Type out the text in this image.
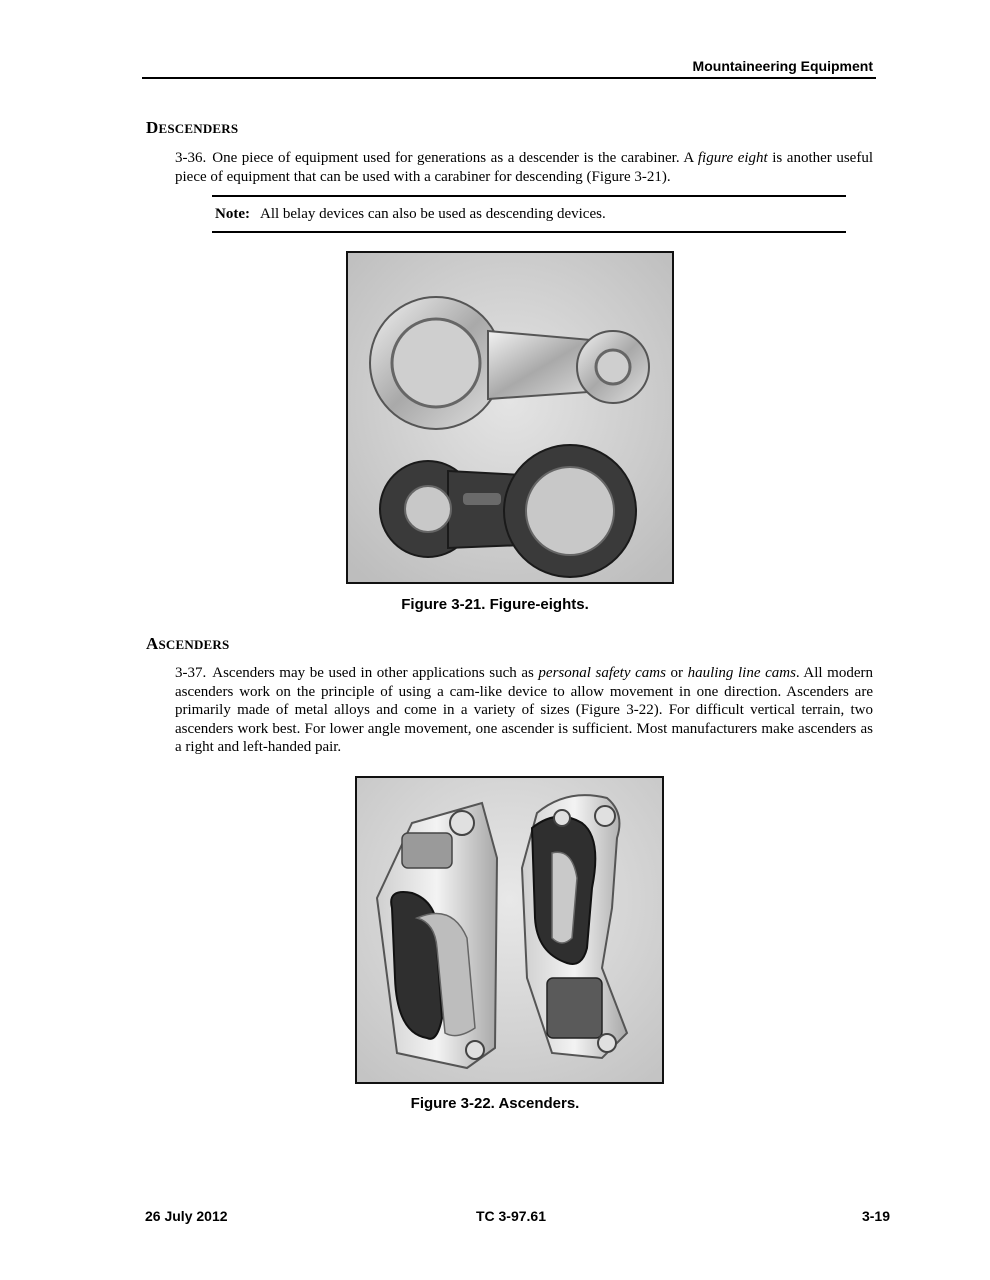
Mountaineering Equipment
DESCENDERS
3-36. One piece of equipment used for generations as a descender is the carabiner. A figure eight is another useful piece of equipment that can be used with a carabiner for descending (Figure 3-21).
Note: All belay devices can also be used as descending devices.
Figure 3-21. Figure-eights.
ASCENDERS
3-37. Ascenders may be used in other applications such as personal safety cams or hauling line cams. All modern ascenders work on the principle of using a cam-like device to allow movement in one direction. Ascenders are primarily made of metal alloys and come in a variety of sizes (Figure 3-22). For difficult vertical terrain, two ascenders work best. For lower angle movement, one ascender is sufficient. Most manufacturers make ascenders as a right and left-handed pair.
Figure 3-22. Ascenders.
26 July 2012	TC 3-97.61	3-19
